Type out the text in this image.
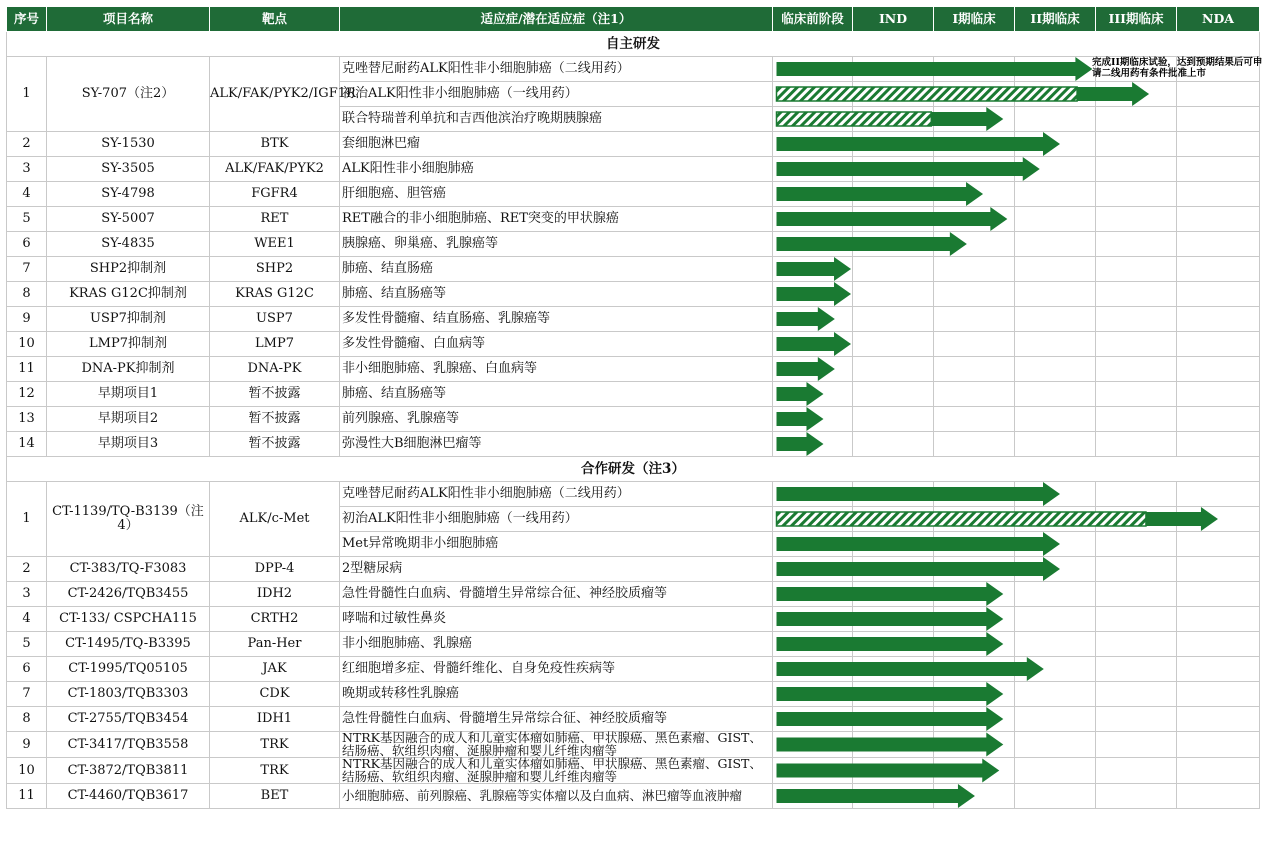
序号	项目名称	靶点	适应症/潜在适应症（注1）	临床前阶段	IND	I期临床	II期临床	III期临床	NDA
自主研发									
1	SY-707（注2）	ALK/FAK/PYK2/IGF1R	克唑替尼耐药ALK阳性非小细胞肺癌（二线用药）						
			初治ALK阳性非小细胞肺癌（一线用药）						
			联合特瑞普利单抗和吉西他滨治疗晚期胰腺癌						
2	SY-1530	BTK	套细胞淋巴瘤						
3	SY-3505	ALK/FAK/PYK2	ALK阳性非小细胞肺癌						
4	SY-4798	FGFR4	肝细胞癌、胆管癌						
5	SY-5007	RET	RET融合的非小细胞肺癌、RET突变的甲状腺癌						
6	SY-4835	WEE1	胰腺癌、卵巢癌、乳腺癌等						
7	SHP2抑制剂	SHP2	肺癌、结直肠癌						
8	KRAS G12C抑制剂	KRAS G12C	肺癌、结直肠癌等						
9	USP7抑制剂	USP7	多发性骨髓瘤、结直肠癌、乳腺癌等						
10	LMP7抑制剂	LMP7	多发性骨髓瘤、白血病等						
11	DNA-PK抑制剂	DNA-PK	非小细胞肺癌、乳腺癌、白血病等						
12	早期项目1	暂不披露	肺癌、结直肠癌等						
13	早期项目2	暂不披露	前列腺癌、乳腺癌等						
14	早期项目3	暂不披露	弥漫性大B细胞淋巴瘤等						
合作研发（注3）									
1	CT-1139/TQ-B3139（注4）	ALK/c-Met	克唑替尼耐药ALK阳性非小细胞肺癌（二线用药）						
			初治ALK阳性非小细胞肺癌（一线用药）						
			Met异常晚期非小细胞肺癌						
2	CT-383/TQ-F3083	DPP-4	2型糖尿病						
3	CT-2426/TQB3455	IDH2	急性骨髓性白血病、骨髓增生异常综合征、神经胶质瘤等						
4	CT-133/ CSPCHA115	CRTH2	哮喘和过敏性鼻炎						
5	CT-1495/TQ-B3395	Pan-Her	非小细胞肺癌、乳腺癌						
6	CT-1995/TQ05105	JAK	红细胞增多症、骨髓纤维化、自身免疫性疾病等						
7	CT-1803/TQB3303	CDK	晚期或转移性乳腺癌						
8	CT-2755/TQB3454	IDH1	急性骨髓性白血病、骨髓增生异常综合征、神经胶质瘤等						
9	CT-3417/TQB3558	TRK	NTRK基因融合的成人和儿童实体瘤如肺癌、甲状腺癌、黑色素瘤、GIST、结肠癌、软组织肉瘤、涎腺肿瘤和婴儿纤维肉瘤等						
10	CT-3872/TQB3811	TRK	NTRK基因融合的成人和儿童实体瘤如肺癌、甲状腺癌、黑色素瘤、GIST、结肠癌、软组织肉瘤、涎腺肿瘤和婴儿纤维肉瘤等						
11	CT-4460/TQB3617	BET	小细胞肺癌、前列腺癌、乳腺癌等实体瘤以及白血病、淋巴瘤等血液肿瘤						
完成II期临床试验，达到预期结果后可申请二线用药有条件批准上市
